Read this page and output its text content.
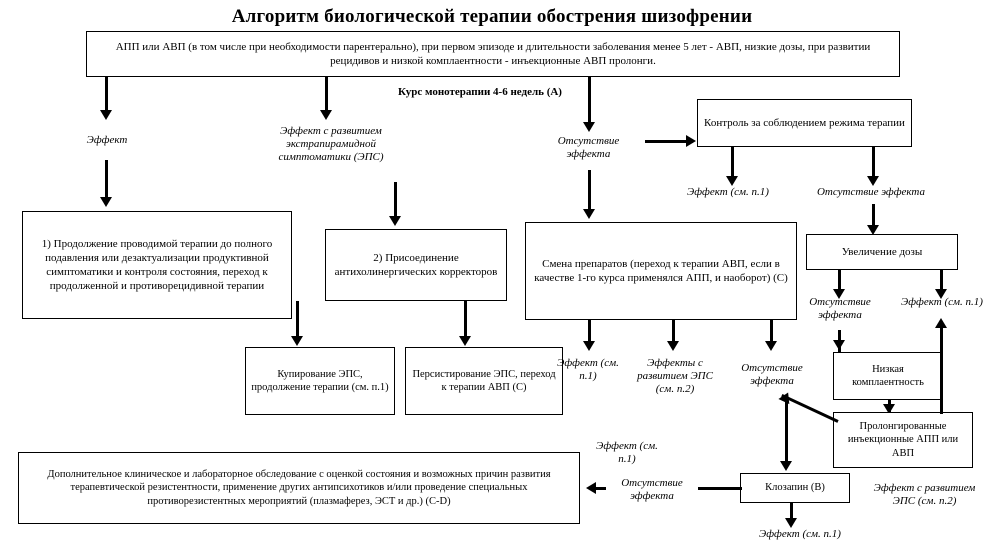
Алгоритм биологической терапии обострения шизофрении
АПП или АВП (в том числе при необходимости парентерально), при первом эпизоде и длительности заболевания менее 5 лет - АВП, низкие дозы, при развитии рецидивов и низкой комплаентности - инъекционные АВП пролонги.
Курс монотерапии 4-6 недель (A)
Эффект
Эффект с развитием экстрапирамидной симптоматики (ЭПС)
Отсутствие эффекта
Контроль за соблюдением режима терапии
Эффект (см. п.1)	Отсутствие эффекта
1) Продолжение проводимой терапии до полного подавления или дезактуализации продуктивной симптоматики и контроля состояния, переход к продолженной и противорецидивной терапии
2) Присоединение антихолинергических корректоров
Смена препаратов (переход к терапии АВП, если в качестве 1-го курса применялся АПП, и наоборот) (C)
Увеличение дозы
Купирование ЭПС, продолжение терапии (см. п.1)
Персистирование ЭПС, переход к терапии АВП (C)
Отсутствие эффекта
Эффект (см. п.1)
Низкая комплаентность
Пролонгированные инъекционные АПП или АВП
Эффект (см. п.1)
Эффекты с развитием ЭПС (см. п.2)
Отсутствие эффекта
Клозапин (B)	Эффект с развитием ЭПС (см. п.2)
Эффект (см. п.1)
Отсутствие эффекта
Эффект (см. п.1)
Дополнительное клиническое и лабораторное обследование с оценкой состояния и возможных причин развития терапевтической резистентности, применение других антипсихотиков и/или проведение специальных противорезистентных мероприятий (плазмаферез, ЭСТ и др.) (C-D)
